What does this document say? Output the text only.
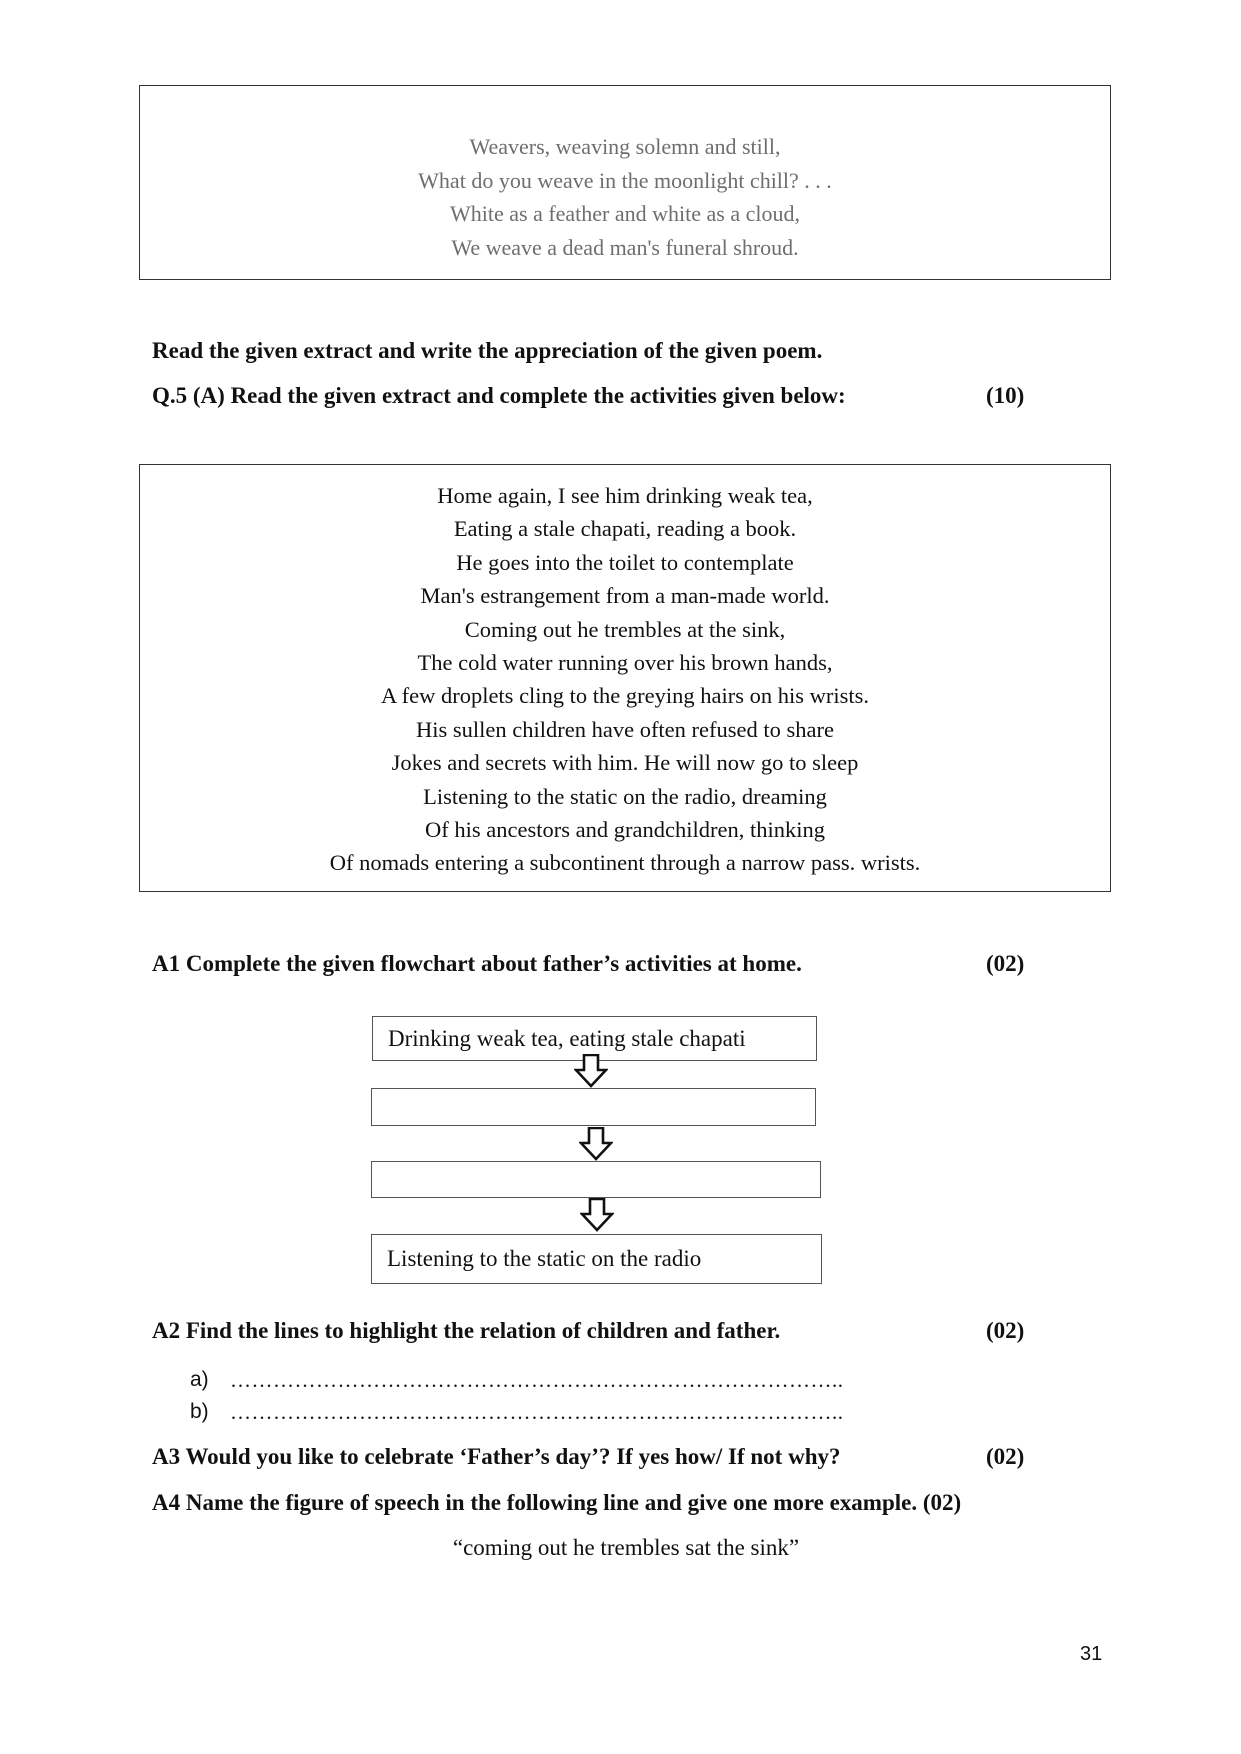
Weavers, weaving solemn and still,
What do you weave in the moonlight chill? . . .
White as a feather and white as a cloud,
We weave a dead man's funeral shroud.
Read the given extract and write the appreciation of the given poem.
Q.5 (A) Read the given extract and complete the activities given below:	(10)
Home again, I see him drinking weak tea,
Eating a stale chapati, reading a book.
He goes into the toilet to contemplate
Man's estrangement from a man-made world.
Coming out he trembles at the sink,
The cold water running over his brown hands,
A few droplets cling to the greying hairs on his wrists.
His sullen children have often refused to share
Jokes and secrets with him. He will now go to sleep
Listening to the static on the radio, dreaming
Of his ancestors and grandchildren, thinking
Of nomads entering a subcontinent through a narrow pass. wrists.
A1 Complete the given flowchart about father’s activities at home.	(02)
Drinking weak tea, eating stale chapati
Listening to the static on the radio
A2 Find the lines to highlight the relation of children and father.	(02)
a) …………………………………………………………………………..
b) …………………………………………………………………………..
A3 Would you like to celebrate ‘Father’s day’? If yes how/ If not why?	(02)
A4 Name the figure of speech in the following line and give one more example. (02)
“coming out he trembles sat the sink”
31
